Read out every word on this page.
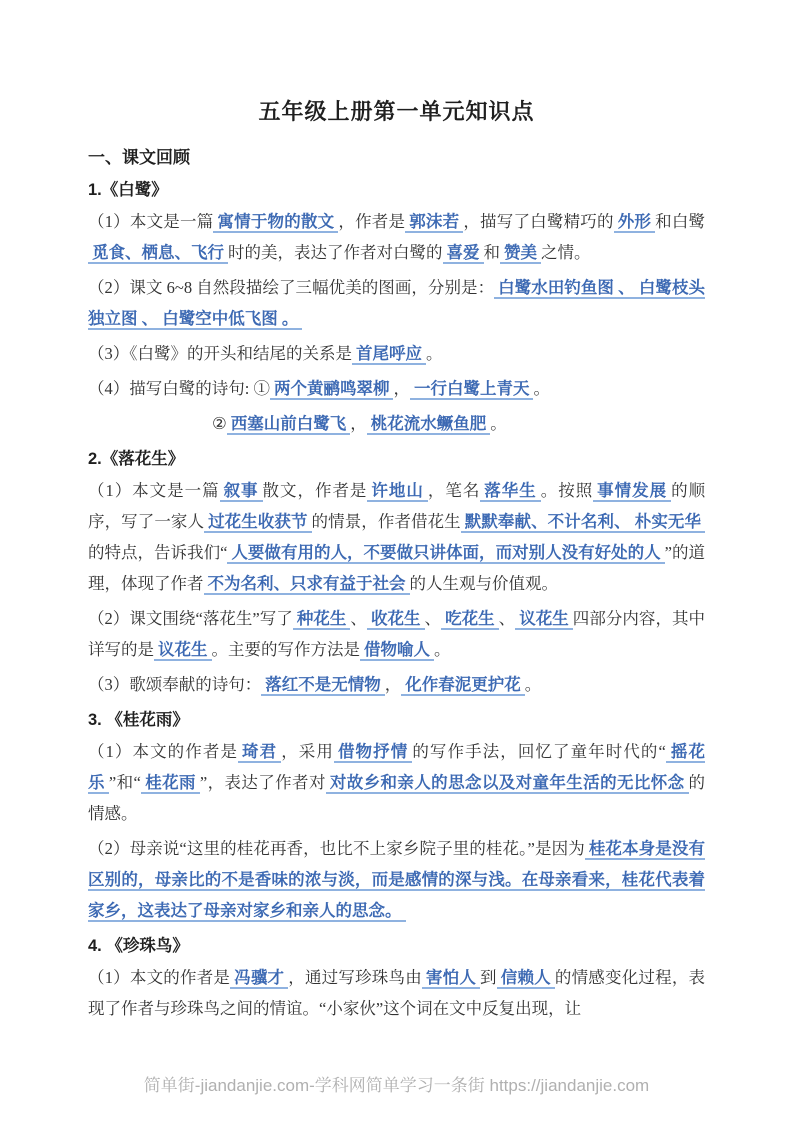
五年级上册第一单元知识点
一、课文回顾
1.《白鹭》

（1）本文是一篇 寓情于物的散文 ，作者是 郭沫若 ，描写了白鹭精巧的 外形 和白鹭觅食、栖息、飞行 时的美，表达了作者对白鹭的 喜爱 和 赞美 之情。

（2）课文 6~8 自然段描绘了三幅优美的图画，分别是： 白鹭水田钓鱼图 、 白鹭枝头独立图 、 白鹭空中低飞图 。

（3）《白鹭》的开头和结尾的关系是 首尾呼应 。

（4）描写白鹭的诗句: ① 两个黄鹂鸣翠柳 ， 一行白鹭上青天 。

② 西塞山前白鹭飞 ， 桃花流水鳜鱼肥 。

2.《落花生》

（1）本文是一篇 叙事 散文，作者是 许地山 ，笔名 落华生 。按照 事情发展 的顺序，写了一家人 过花生收获节 的情景，作者借花生 默默奉献、不计名利、 朴实无华的特点，告诉我们“ 人要做有用的人，不要做只讲体面，而对别人没有好处的人 ”的道理，体现了作者 不为名利、只求有益于社会 的人生观与价值观。

（2）课文围绕“落花生”写了 种花生 、 收花生 、 吃花生 、 议花生 四部分内容，其中详写的是 议花生 。主要的写作方法是 借物喻人 。

（3）歌颂奉献的诗句： 落红不是无情物 ， 化作春泥更护花 。

3. 《桂花雨》

（1）本文的作者是 琦君 ，采用 借物抒情 的写作手法，回忆了童年时代的“ 摇花乐 ”和“ 桂花雨 ”，表达了作者对 对故乡和亲人的思念以及对童年生活的无比怀念 的情感。

（2）母亲说“这里的桂花再香，也比不上家乡院子里的桂花。”是因为 桂花本身是没有区别的，母亲比的不是香味的浓与淡，而是感情的深与浅。在母亲看来，桂花代表着家乡，这表达了母亲对家乡和亲人的思念。

4. 《珍珠鸟》

（1）本文的作者是 冯骥才 ，通过写珍珠鸟由 害怕人 到 信赖人 的情感变化过程，表现了作者与珍珠鸟之间的情谊。“小家伙”这个词在文中反复出现，让

简单街-jiandanjie.com-学科网简单学习一条街 https://jiandanjie.com
